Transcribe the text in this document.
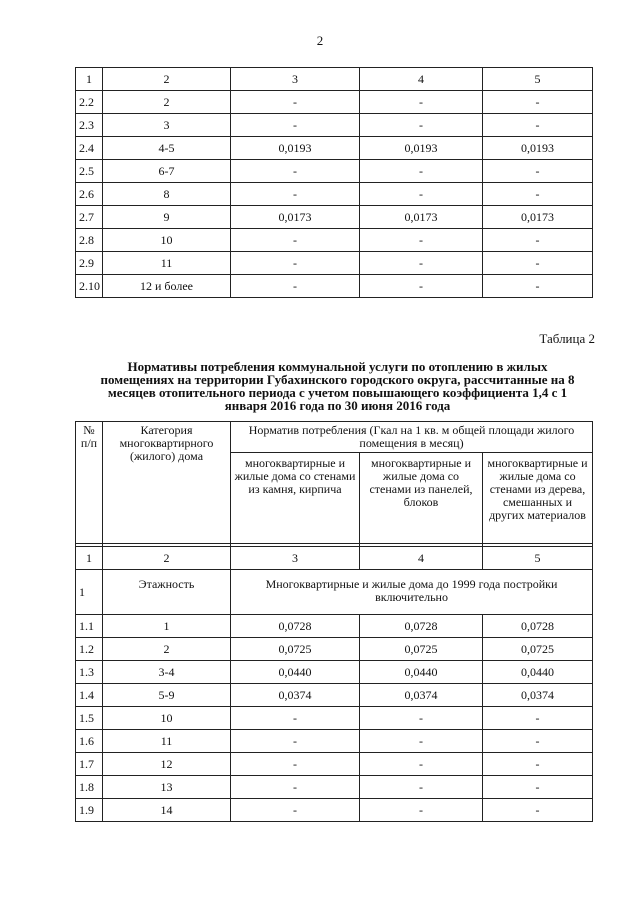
2
1	2	3	4	5
2.2	2	-	-	-
2.3	3	-	-	-
2.4	4-5	0,0193	0,0193	0,0193
2.5	6-7	-	-	-
2.6	8	-	-	-
2.7	9	0,0173	0,0173	0,0173
2.8	10	-	-	-
2.9	11	-	-	-
2.10	12 и более	-	-	-
Таблица 2
Нормативы потребления коммунальной услуги по отоплению в жилых помещениях на территории Губахинского городского округа, рассчитанные на 8 месяцев отопительного периода с учетом повышающего коэффициента 1,4 с 1 января 2016 года по 30 июня 2016 года
№ п/п	Категория многоквартирного (жилого) дома	Норматив потребления (Гкал на 1 кв. м общей площади жилого помещения в месяц)		
		многоквартирные и жилые дома со стенами из камня, кирпича	многоквартирные и жилые дома со стенами из панелей, блоков	многоквартирные и жилые дома со стенами из дерева, смешанных и других материалов

1	2	3	4	5
1	Этажность	Многоквартирные и жилые дома до 1999 года постройки включительно		
1.1	1	0,0728	0,0728	0,0728
1.2	2	0,0725	0,0725	0,0725
1.3	3-4	0,0440	0,0440	0,0440
1.4	5-9	0,0374	0,0374	0,0374
1.5	10	-	-	-
1.6	11	-	-	-
1.7	12	-	-	-
1.8	13	-	-	-
1.9	14	-	-	-
